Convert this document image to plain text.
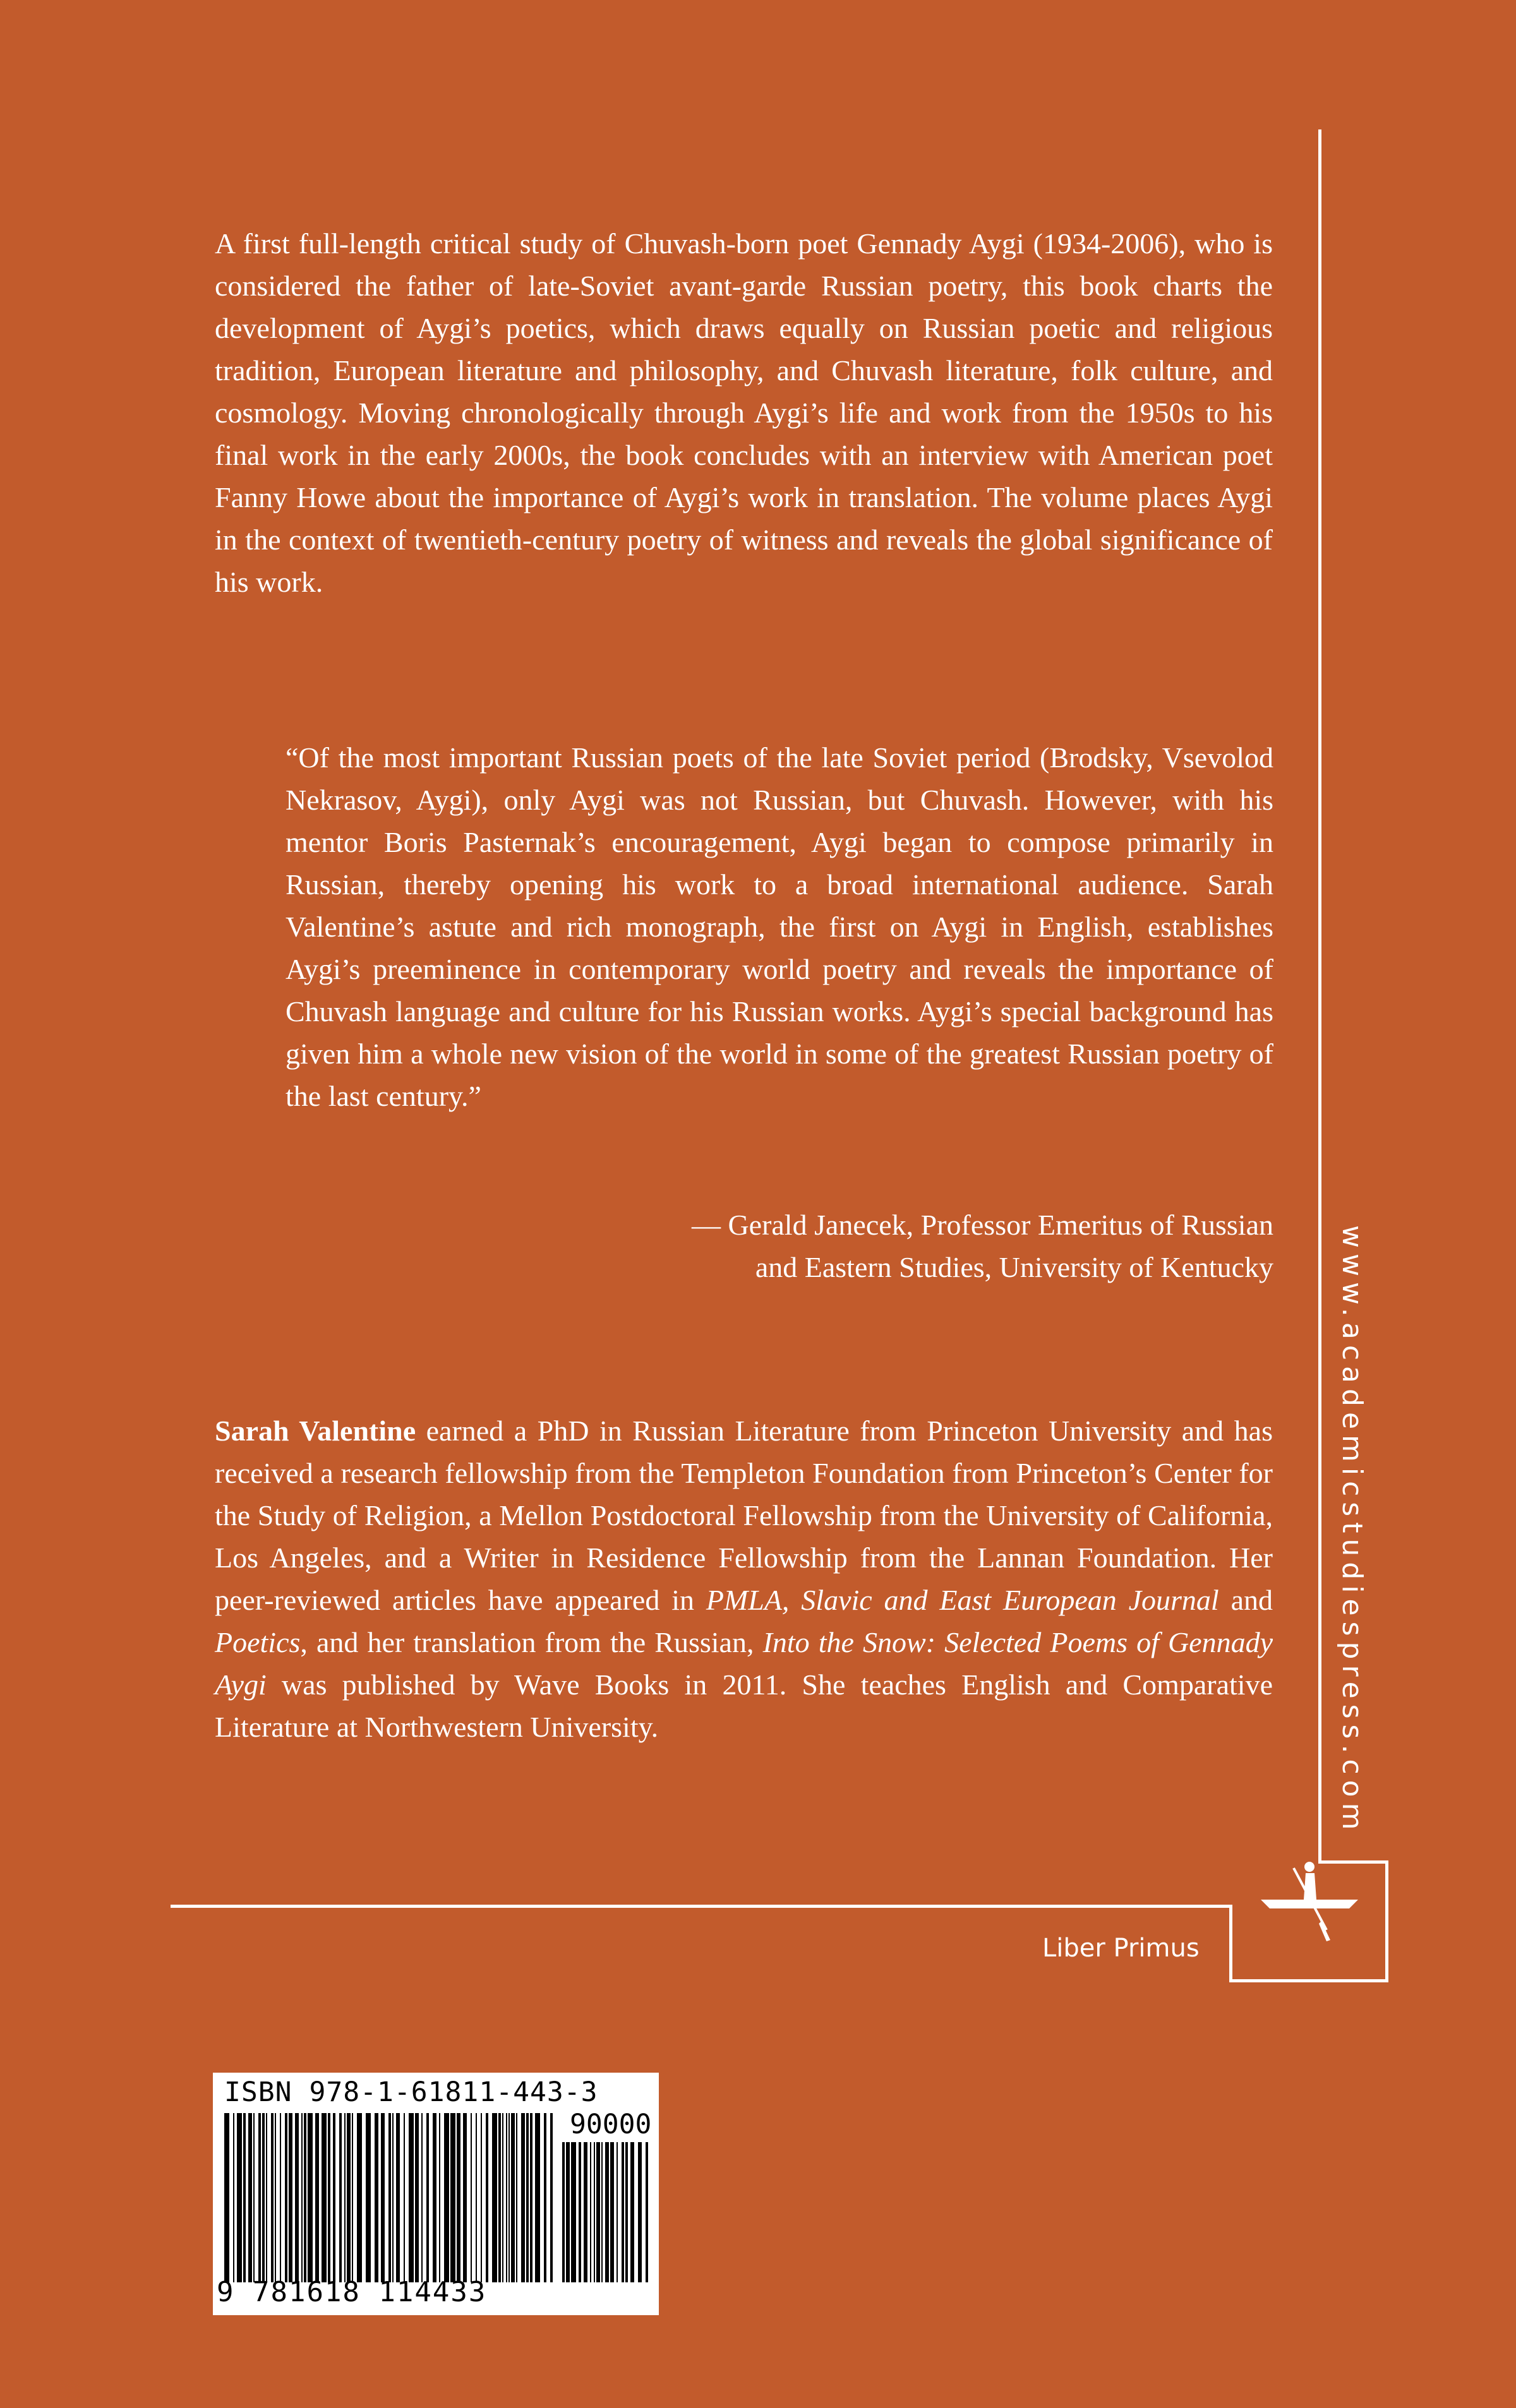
A first full-length critical study of Chuvash-born poet Gennady Aygi (1934-2006), who is considered the father of late-Soviet avant-garde Russian poetry, this book charts the development of Aygi’s poetics, which draws equally on Russian poetic and religious tradition, European literature and philosophy, and Chuvash literature, folk culture, and cosmology. Moving chronologically through Aygi’s life and work from the 1950s to his final work in the early 2000s, the book concludes with an interview with American poet Fanny Howe about the importance of Aygi’s work in translation. The volume places Aygi in the context of twentieth-century poetry of witness and reveals the global significance of his work.

“Of the most important Russian poets of the late Soviet period (Brodsky, Vsevolod Nekrasov, Aygi), only Aygi was not Russian, but Chuvash. However, with his mentor Boris Pasternak’s encouragement, Aygi began to compose primarily in Russian, thereby opening his work to a broad international audience. Sarah Valentine’s astute and rich monograph, the first on Aygi in English, establishes Aygi’s preeminence in contemporary world poetry and reveals the importance of Chuvash language and culture for his Russian works. Aygi’s special background has given him a whole new vision of the world in some of the greatest Russian poetry of the last century.”

— Gerald Janecek, Professor Emeritus of Russian
and Eastern Studies, University of Kentucky

Sarah Valentine earned a PhD in Russian Literature from Princeton University and has received a research fellowship from the Templeton Foundation from Princeton’s Center for the Study of Religion, a Mellon Postdoctoral Fellowship from the University of California, Los Angeles, and a Writer in Residence Fellowship from the Lannan Foundation. Her peer-reviewed articles have appeared in PMLA, Slavic and East European Journal and Poetics, and her translation from the Russian, Into the Snow: Selected Poems of Gennady Aygi was published by Wave Books in 2011. She teaches English and Comparative Literature at Northwestern University.	www.academicstudiespress.com
Liber Primus
ISBN 978-1-61811-443-3
90000
9 781618 114433
